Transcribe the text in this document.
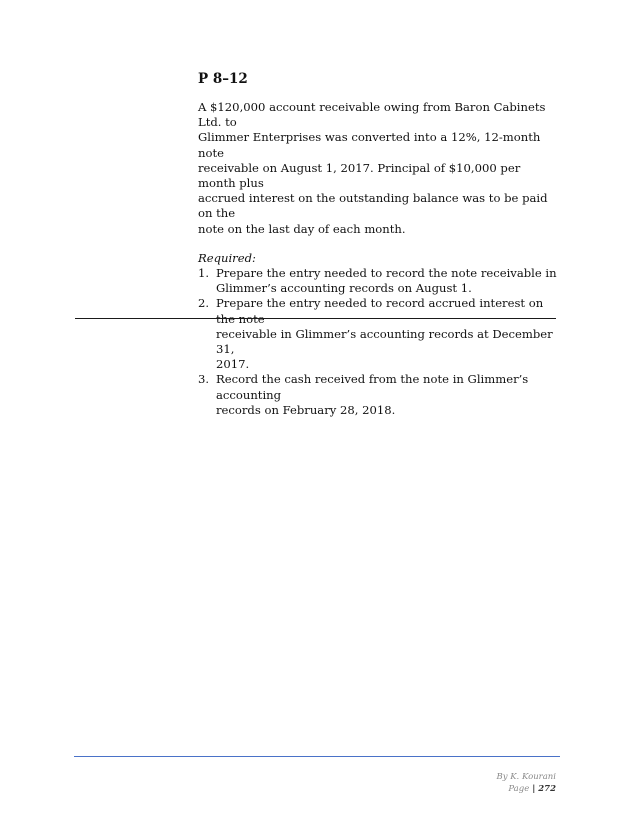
P 8–12
A $120,000 account receivable owing from Baron Cabinets Ltd. to
Glimmer Enterprises was converted into a 12%, 12-month note
receivable on August 1, 2017. Principal of $10,000 per month plus
accrued interest on the outstanding balance was to be paid on the
note on the last day of each month.
Required:
1. Prepare the entry needed to record the note receivable in
Glimmer’s accounting records on August 1.
2. Prepare the entry needed to record accrued interest on the note
receivable in Glimmer’s accounting records at December 31,
2017.
3. Record the cash received from the note in Glimmer’s accounting
records on February 28, 2018.
By K. Kourani
Page | 272
